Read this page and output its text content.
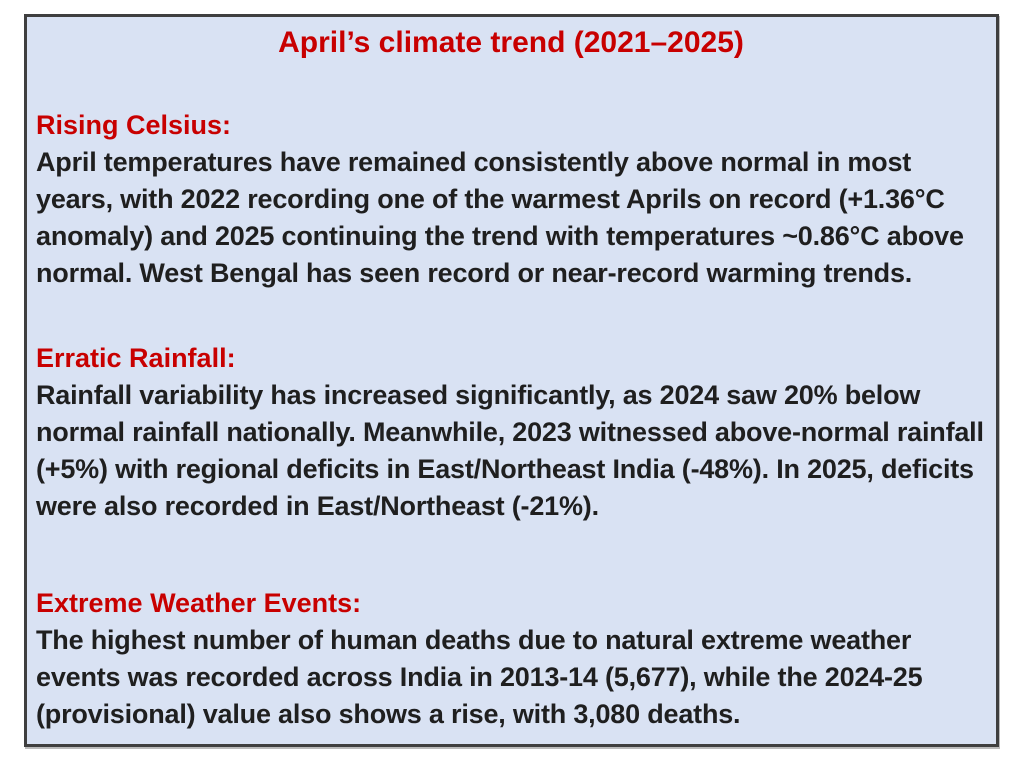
April’s climate trend (2021–2025)
Rising Celsius:
April temperatures have remained consistently above normal in most years, with 2022 recording one of the warmest Aprils on record (+1.36°C anomaly) and 2025 continuing the trend with temperatures ~0.86°C above normal. West Bengal has seen record or near-record warming trends.
Erratic Rainfall:
Rainfall variability has increased significantly, as 2024 saw 20% below normal rainfall nationally. Meanwhile, 2023 witnessed above-normal rainfall (+5%) with regional deficits in East/Northeast India (-48%). In 2025, deficits were also recorded in East/Northeast (-21%).
Extreme Weather Events:
The highest number of human deaths due to natural extreme weather events was recorded across India in 2013-14 (5,677), while the 2024-25 (provisional) value also shows a rise, with 3,080 deaths.
